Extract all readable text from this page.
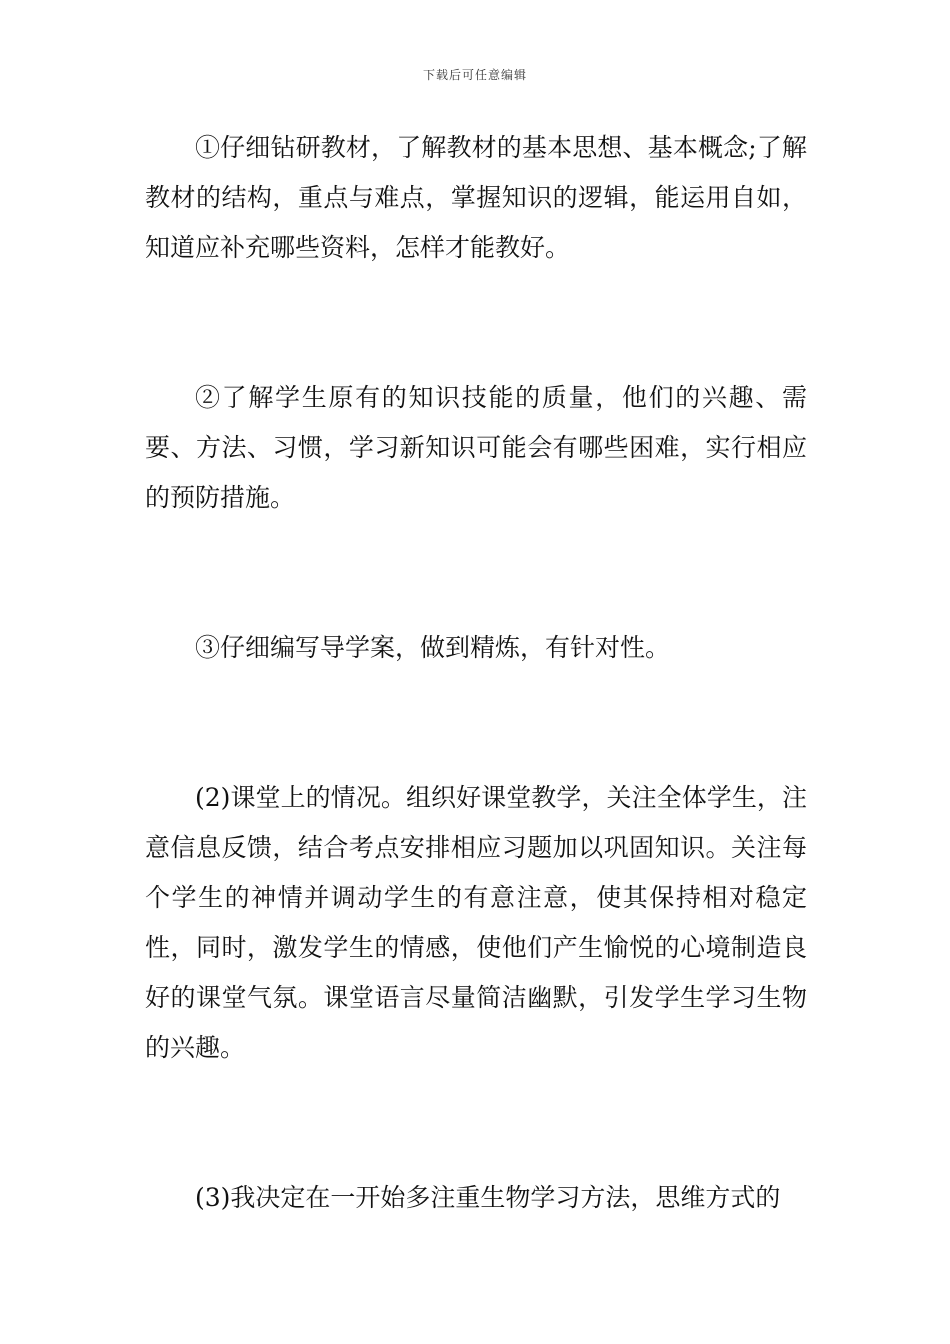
下载后可任意编辑

①仔细钻研教材，了解教材的基本思想、基本概念;了解教材的结构，重点与难点，掌握知识的逻辑，能运用自如，知道应补充哪些资料，怎样才能教好。

②了解学生原有的知识技能的质量，他们的兴趣、需要、方法、习惯，学习新知识可能会有哪些困难，实行相应的预防措施。

③仔细编写导学案，做到精炼，有针对性。

(2)课堂上的情况。组织好课堂教学，关注全体学生，注意信息反馈，结合考点安排相应习题加以巩固知识。关注每个学生的神情并调动学生的有意注意，使其保持相对稳定性，同时，激发学生的情感，使他们产生愉悦的心境制造良好的课堂气氛。课堂语言尽量简洁幽默，引发学生学习生物的兴趣。

(3)我决定在一开始多注重生物学习方法，思维方式的
